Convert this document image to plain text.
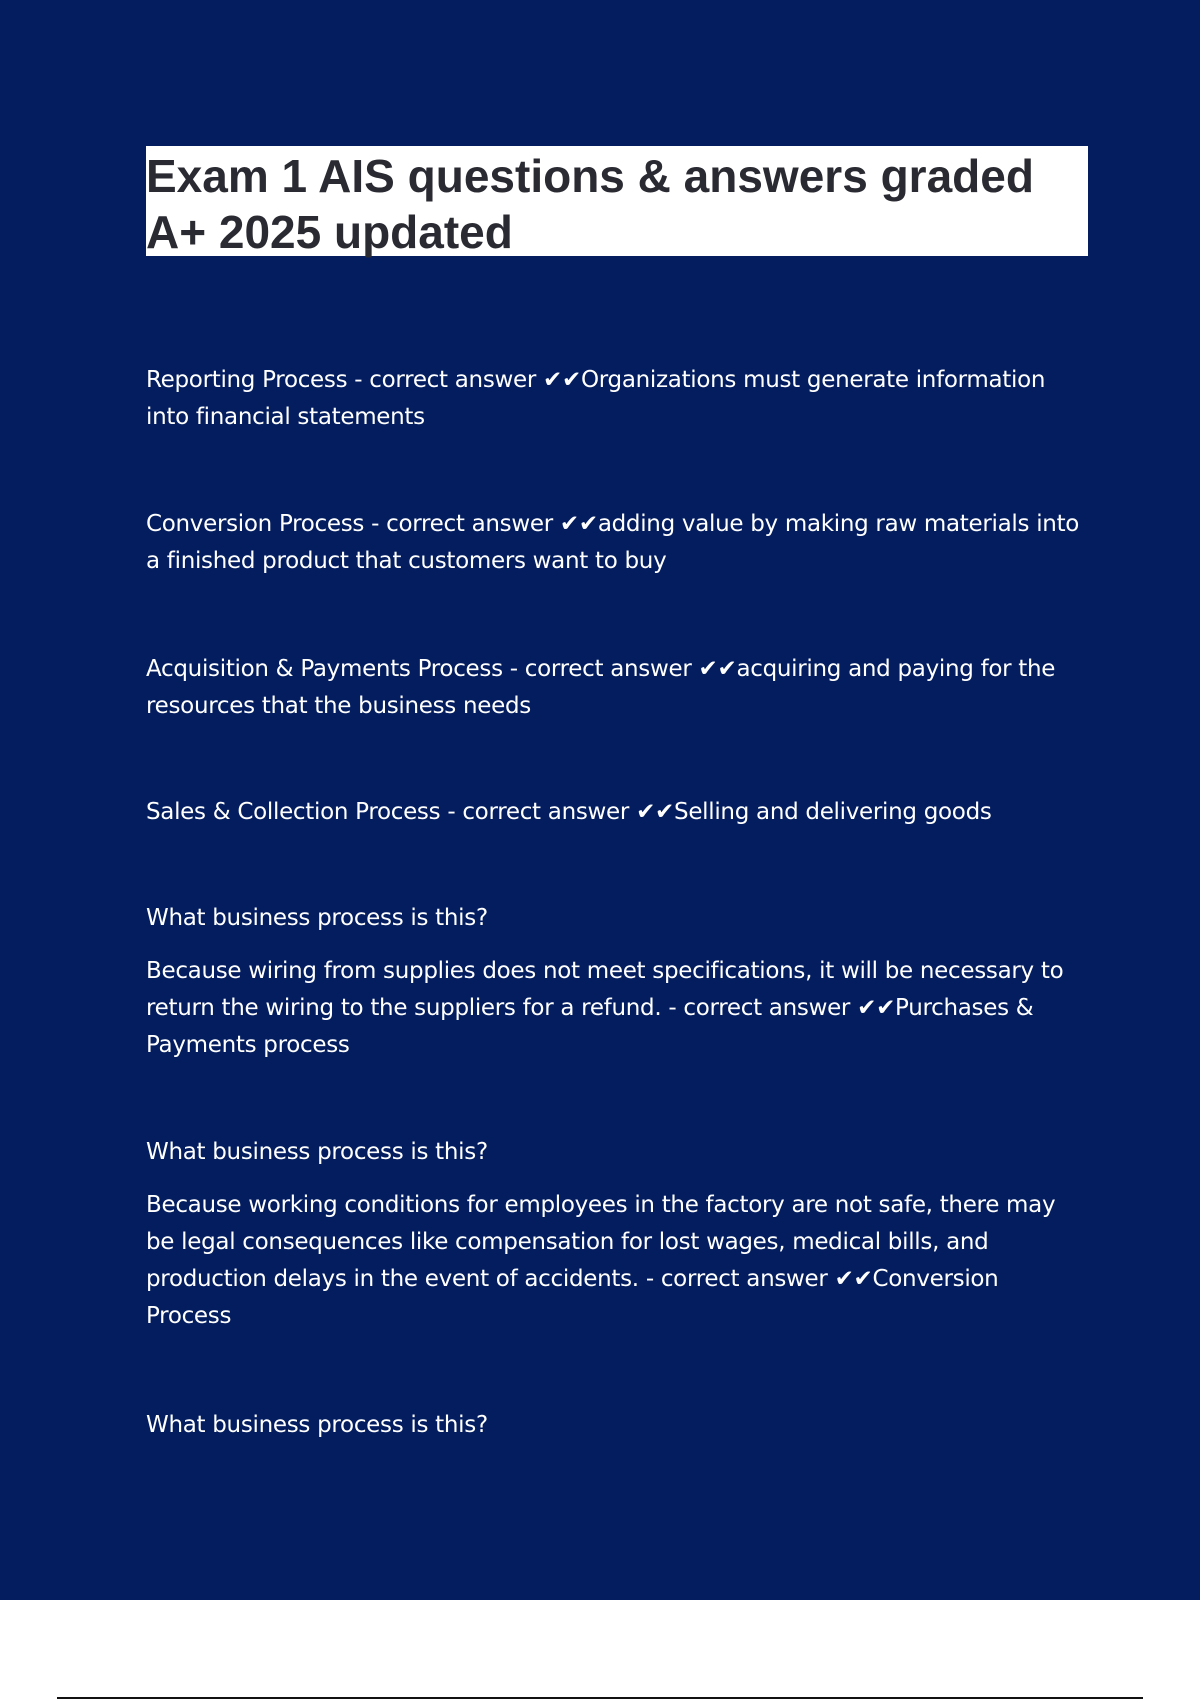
Exam 1 AIS questions & answers graded A+ 2025 updated

Reporting Process - correct answer ✔✔Organizations must generate information into financial statements

Conversion Process - correct answer ✔✔adding value by making raw materials into a finished product that customers want to buy

Acquisition & Payments Process - correct answer ✔✔acquiring and paying for the resources that the business needs

Sales & Collection Process - correct answer ✔✔Selling and delivering goods

What business process is this?

Because wiring from supplies does not meet specifications, it will be necessary to return the wiring to the suppliers for a refund. - correct answer ✔✔Purchases & Payments process

What business process is this?

Because working conditions for employees in the factory are not safe, there may be legal consequences like compensation for lost wages, medical bills, and production delays in the event of accidents. - correct answer ✔✔Conversion Process

What business process is this?
